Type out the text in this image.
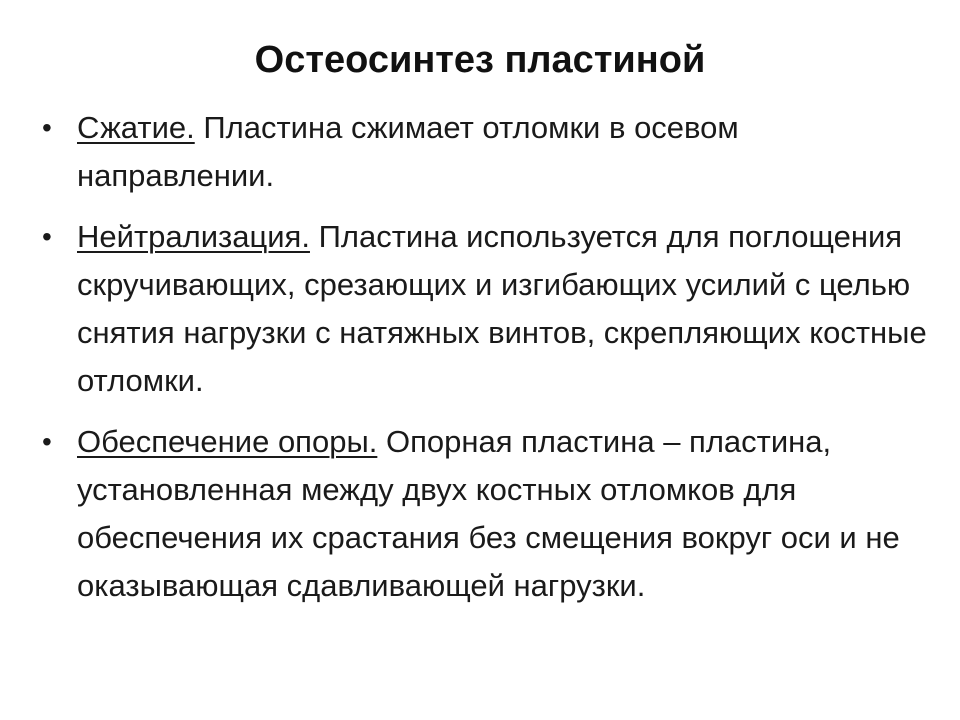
Остеосинтез пластиной
• Сжатие. Пластина сжимает отломки в осевом направлении.
• Нейтрализация. Пластина используется для поглощения скручивающих, срезающих и изгибающих усилий с целью снятия нагрузки с натяжных винтов, скрепляющих костные отломки.
• Обеспечение опоры. Опорная пластина – пластина, установленная между двух костных отломков для обеспечения их срастания без смещения вокруг оси и не оказывающая сдавливающей нагрузки.
